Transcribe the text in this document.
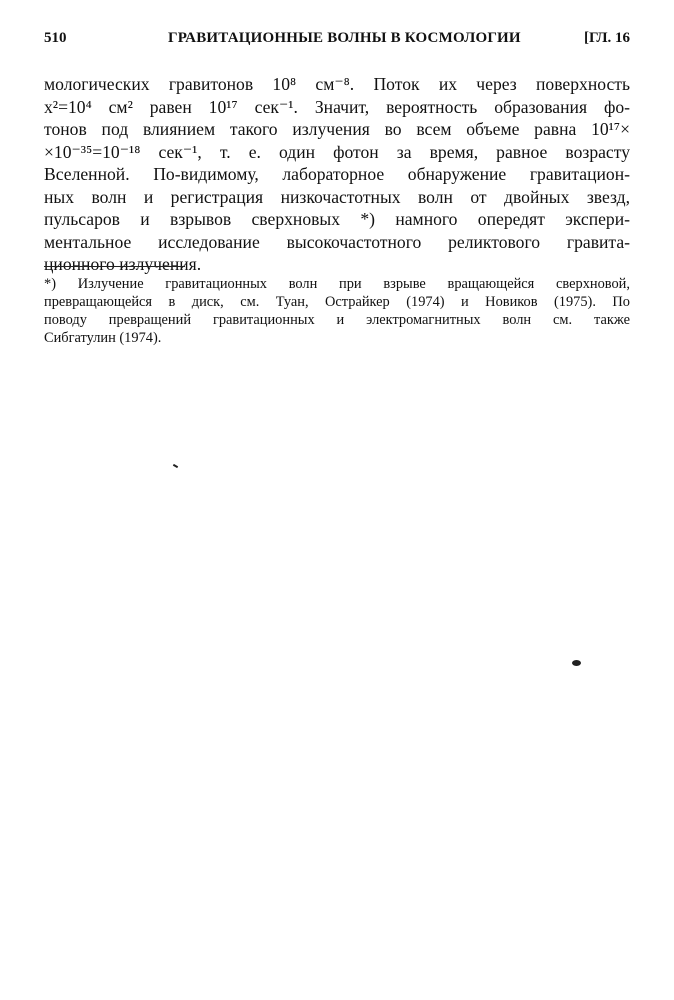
510	ГРАВИТАЦИОННЫЕ ВОЛНЫ В КОСМОЛОГИИ	[ГЛ. 16
мологических гравитонов 10⁸ см⁻⁸. Поток их через поверхность
x²=10⁴ см² равен 10¹⁷ сек⁻¹. Значит, вероятность образования фо-
тонов под влиянием такого излучения во всем объеме равна 10¹⁷×
×10⁻³⁵=10⁻¹⁸ сек⁻¹, т. е. один фотон за время, равное возрасту
Вселенной. По-видимому, лабораторное обнаружение гравитацион-
ных волн и регистрация низкочастотных волн от двойных звезд,
пульсаров и взрывов сверхновых *) намного опередят экспери-
ментальное исследование высокочастотного реликтового гравита-
ционного излучения.
*) Излучение гравитационных волн при взрыве вращающейся сверхновой,
превращающейся в диск, см. Туан, Острайкер (1974) и Новиков (1975). По
поводу превращений гравитационных и электромагнитных волн см. также
Сибгатулин (1974).
